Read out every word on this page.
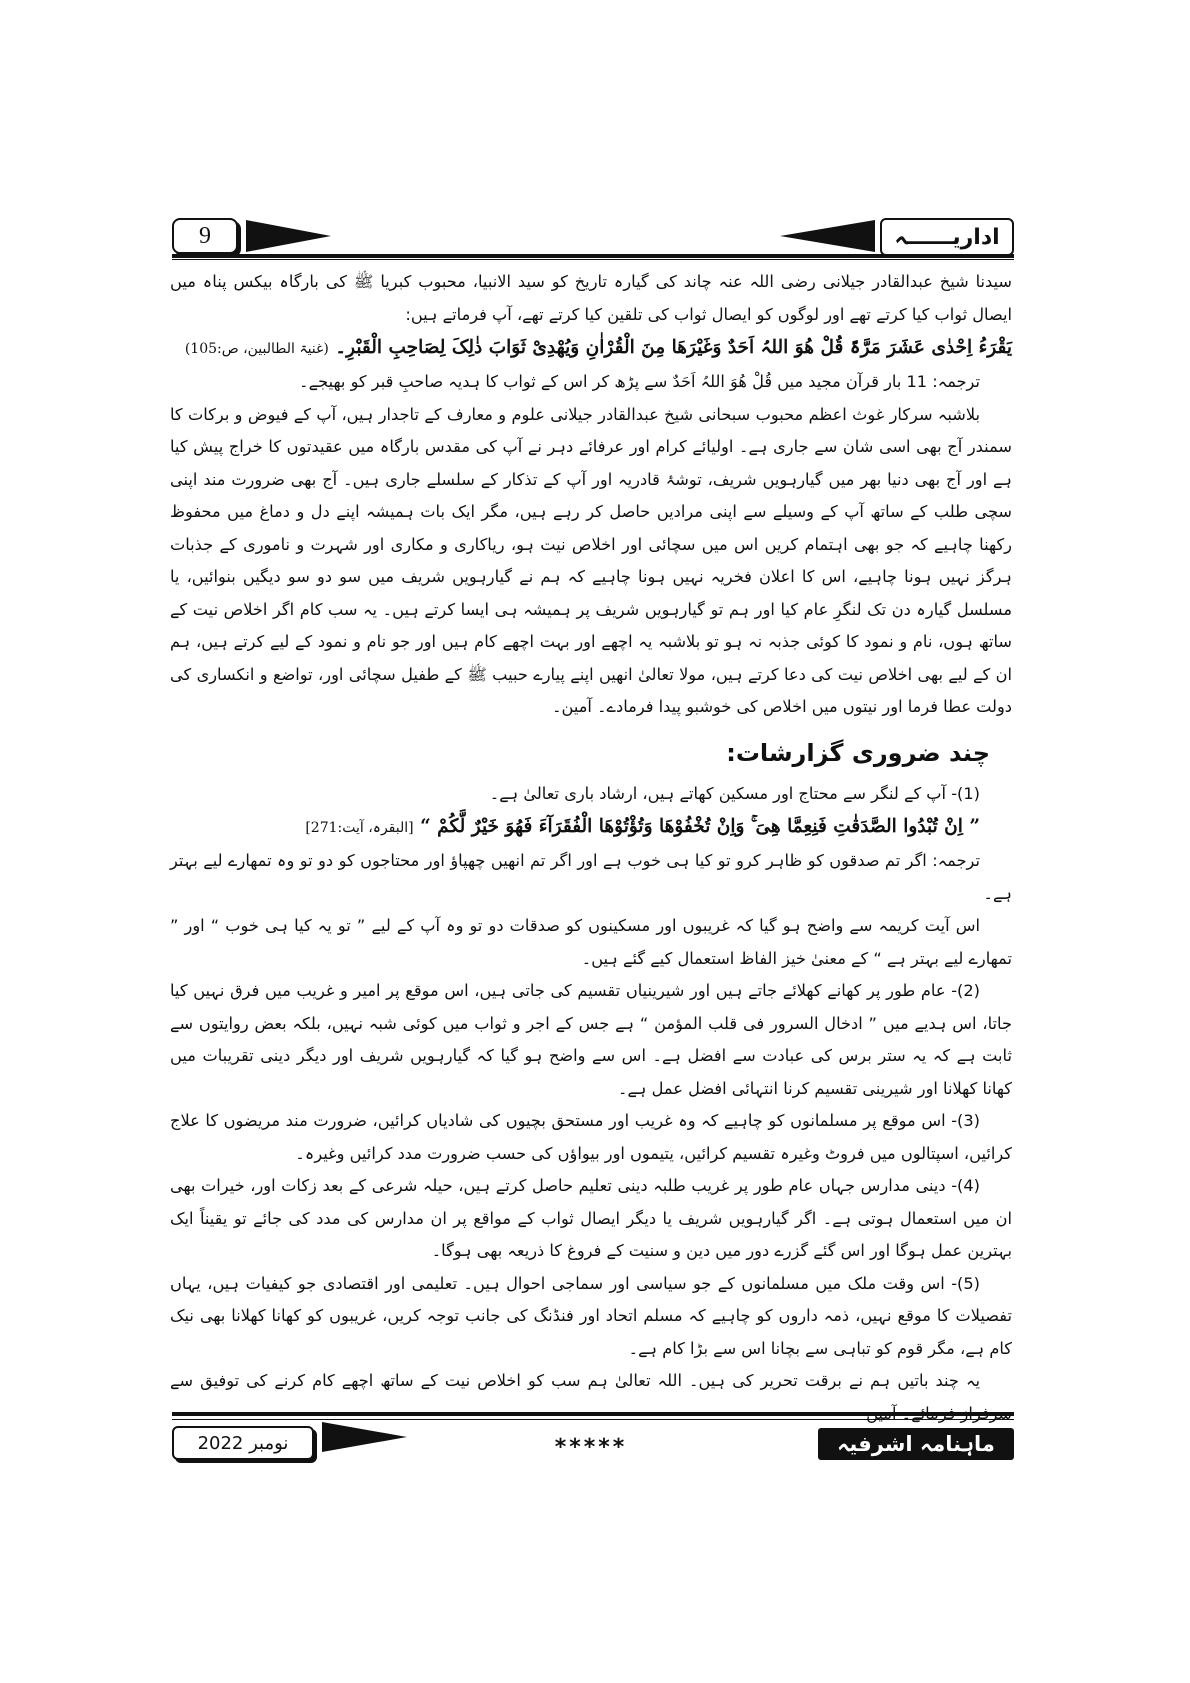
9	اداریــــــہ

سیدنا شیخ عبدالقادر جیلانی رضی اللہ عنہ چاند کی گیارہ تاریخ کو سید الانبیا، محبوب کبریا ﷺ کی بارگاہ بیکس پناہ میں ایصال ثواب کیا کرتے تھے اور لوگوں کو ایصال ثواب کی تلقین کیا کرتے تھے، آپ فرماتے ہیں:

یَقْرَءُ اِحْدٰی عَشَرَ مَرَّۃً قُلْ ھُوَ اللہُ اَحَدٌ وَغَیْرَھَا مِنَ الْقُرْاٰنِ وَیُھْدِیْ ثَوَابَ ذٰلِکَ لِصَاحِبِ الْقَبْرِ۔ (غنیۃ الطالبین، ص:105)

ترجمہ: 11 بار قرآن مجید میں قُلْ ھُوَ اللہُ اَحَدٌ سے پڑھ کر اس کے ثواب کا ہدیہ صاحبِ قبر کو بھیجے۔

بلاشبہ سرکار غوث اعظم محبوب سبحانی شیخ عبدالقادر جیلانی علوم و معارف کے تاجدار ہیں، آپ کے فیوض و برکات کا سمندر آج بھی اسی شان سے جاری ہے۔ اولیائے کرام اور عرفائے دہر نے آپ کی مقدس بارگاہ میں عقیدتوں کا خراج پیش کیا ہے اور آج بھی دنیا بھر میں گیارہویں شریف، توشۂ قادریہ اور آپ کے تذکار کے سلسلے جاری ہیں۔ آج بھی ضرورت مند اپنی سچی طلب کے ساتھ آپ کے وسیلے سے اپنی مرادیں حاصل کر رہے ہیں، مگر ایک بات ہمیشہ اپنے دل و دماغ میں محفوظ رکھنا چاہیے کہ جو بھی اہتمام کریں اس میں سچائی اور اخلاص نیت ہو، ریاکاری و مکاری اور شہرت و ناموری کے جذبات ہرگز نہیں ہونا چاہیے، اس کا اعلان فخریہ نہیں ہونا چاہیے کہ ہم نے گیارہویں شریف میں سو دو سو دیگیں بنوائیں، یا مسلسل گیارہ دن تک لنگرِ عام کیا اور ہم تو گیارہویں شریف پر ہمیشہ ہی ایسا کرتے ہیں۔ یہ سب کام اگر اخلاص نیت کے ساتھ ہوں، نام و نمود کا کوئی جذبہ نہ ہو تو بلاشبہ یہ اچھے اور بہت اچھے کام ہیں اور جو نام و نمود کے لیے کرتے ہیں، ہم ان کے لیے بھی اخلاص نیت کی دعا کرتے ہیں، مولا تعالیٰ انھیں اپنے پیارے حبیب ﷺ کے طفیل سچائی اور، تواضع و انکساری کی دولت عطا فرما اور نیتوں میں اخلاص کی خوشبو پیدا فرمادے۔ آمین۔

چند ضروری گزارشات:

(1)- آپ کے لنگر سے محتاج اور مسکین کھاتے ہیں، ارشاد باری تعالیٰ ہے۔

” اِنْ تُبْدُوا الصَّدَقٰتِ فَنِعِمَّا ھِیَ ۚ وَاِنْ تُخْفُوْھَا وَتُؤْتُوْھَا الْفُقَرَآءَ فَھُوَ خَیْرٌ لَّکُمْ “ [البقرہ، آیت:271]

ترجمہ: اگر تم صدقوں کو ظاہر کرو تو کیا ہی خوب ہے اور اگر تم انھیں چھپاؤ اور محتاجوں کو دو تو وہ تمھارے لیے بہتر ہے۔

اس آیت کریمہ سے واضح ہو گیا کہ غریبوں اور مسکینوں کو صدقات دو تو وہ آپ کے لیے ” تو یہ کیا ہی خوب “ اور ” تمھارے لیے بہتر ہے “ کے معنیٰ خیز الفاظ استعمال کیے گئے ہیں۔

(2)- عام طور پر کھانے کھلائے جاتے ہیں اور شیرینیاں تقسیم کی جاتی ہیں، اس موقع پر امیر و غریب میں فرق نہیں کیا جاتا، اس ہدیے میں ” ادخال السرور فی قلب المؤمن “ ہے جس کے اجر و ثواب میں کوئی شبہ نہیں، بلکہ بعض روایتوں سے ثابت ہے کہ یہ ستر برس کی عبادت سے افضل ہے۔ اس سے واضح ہو گیا کہ گیارہویں شریف اور دیگر دینی تقریبات میں کھانا کھلانا اور شیرینی تقسیم کرنا انتہائی افضل عمل ہے۔

(3)- اس موقع پر مسلمانوں کو چاہیے کہ وہ غریب اور مستحق بچیوں کی شادیاں کرائیں، ضرورت مند مریضوں کا علاج کرائیں، اسپتالوں میں فروٹ وغیرہ تقسیم کرائیں، یتیموں اور بیواؤں کی حسب ضرورت مدد کرائیں وغیرہ۔

(4)- دینی مدارس جہاں عام طور پر غریب طلبہ دینی تعلیم حاصل کرتے ہیں، حیلہ شرعی کے بعد زکات اور، خیرات بھی ان میں استعمال ہوتی ہے۔ اگر گیارہویں شریف یا دیگر ایصال ثواب کے مواقع پر ان مدارس کی مدد کی جائے تو یقیناً ایک بہترین عمل ہوگا اور اس گئے گزرے دور میں دین و سنیت کے فروغ کا ذریعہ بھی ہوگا۔

(5)- اس وقت ملک میں مسلمانوں کے جو سیاسی اور سماجی احوال ہیں۔ تعلیمی اور اقتصادی جو کیفیات ہیں، یہاں تفصیلات کا موقع نہیں، ذمہ داروں کو چاہیے کہ مسلم اتحاد اور فنڈنگ کی جانب توجہ کریں، غریبوں کو کھانا کھلانا بھی نیک کام ہے، مگر قوم کو تباہی سے بچانا اس سے بڑا کام ہے۔

یہ چند باتیں ہم نے برقت تحریر کی ہیں۔ اللہ تعالیٰ ہم سب کو اخلاص نیت کے ساتھ اچھے کام کرنے کی توفیق سے

*****

نومبر 2022	ماہنامہ اشرفیہ
